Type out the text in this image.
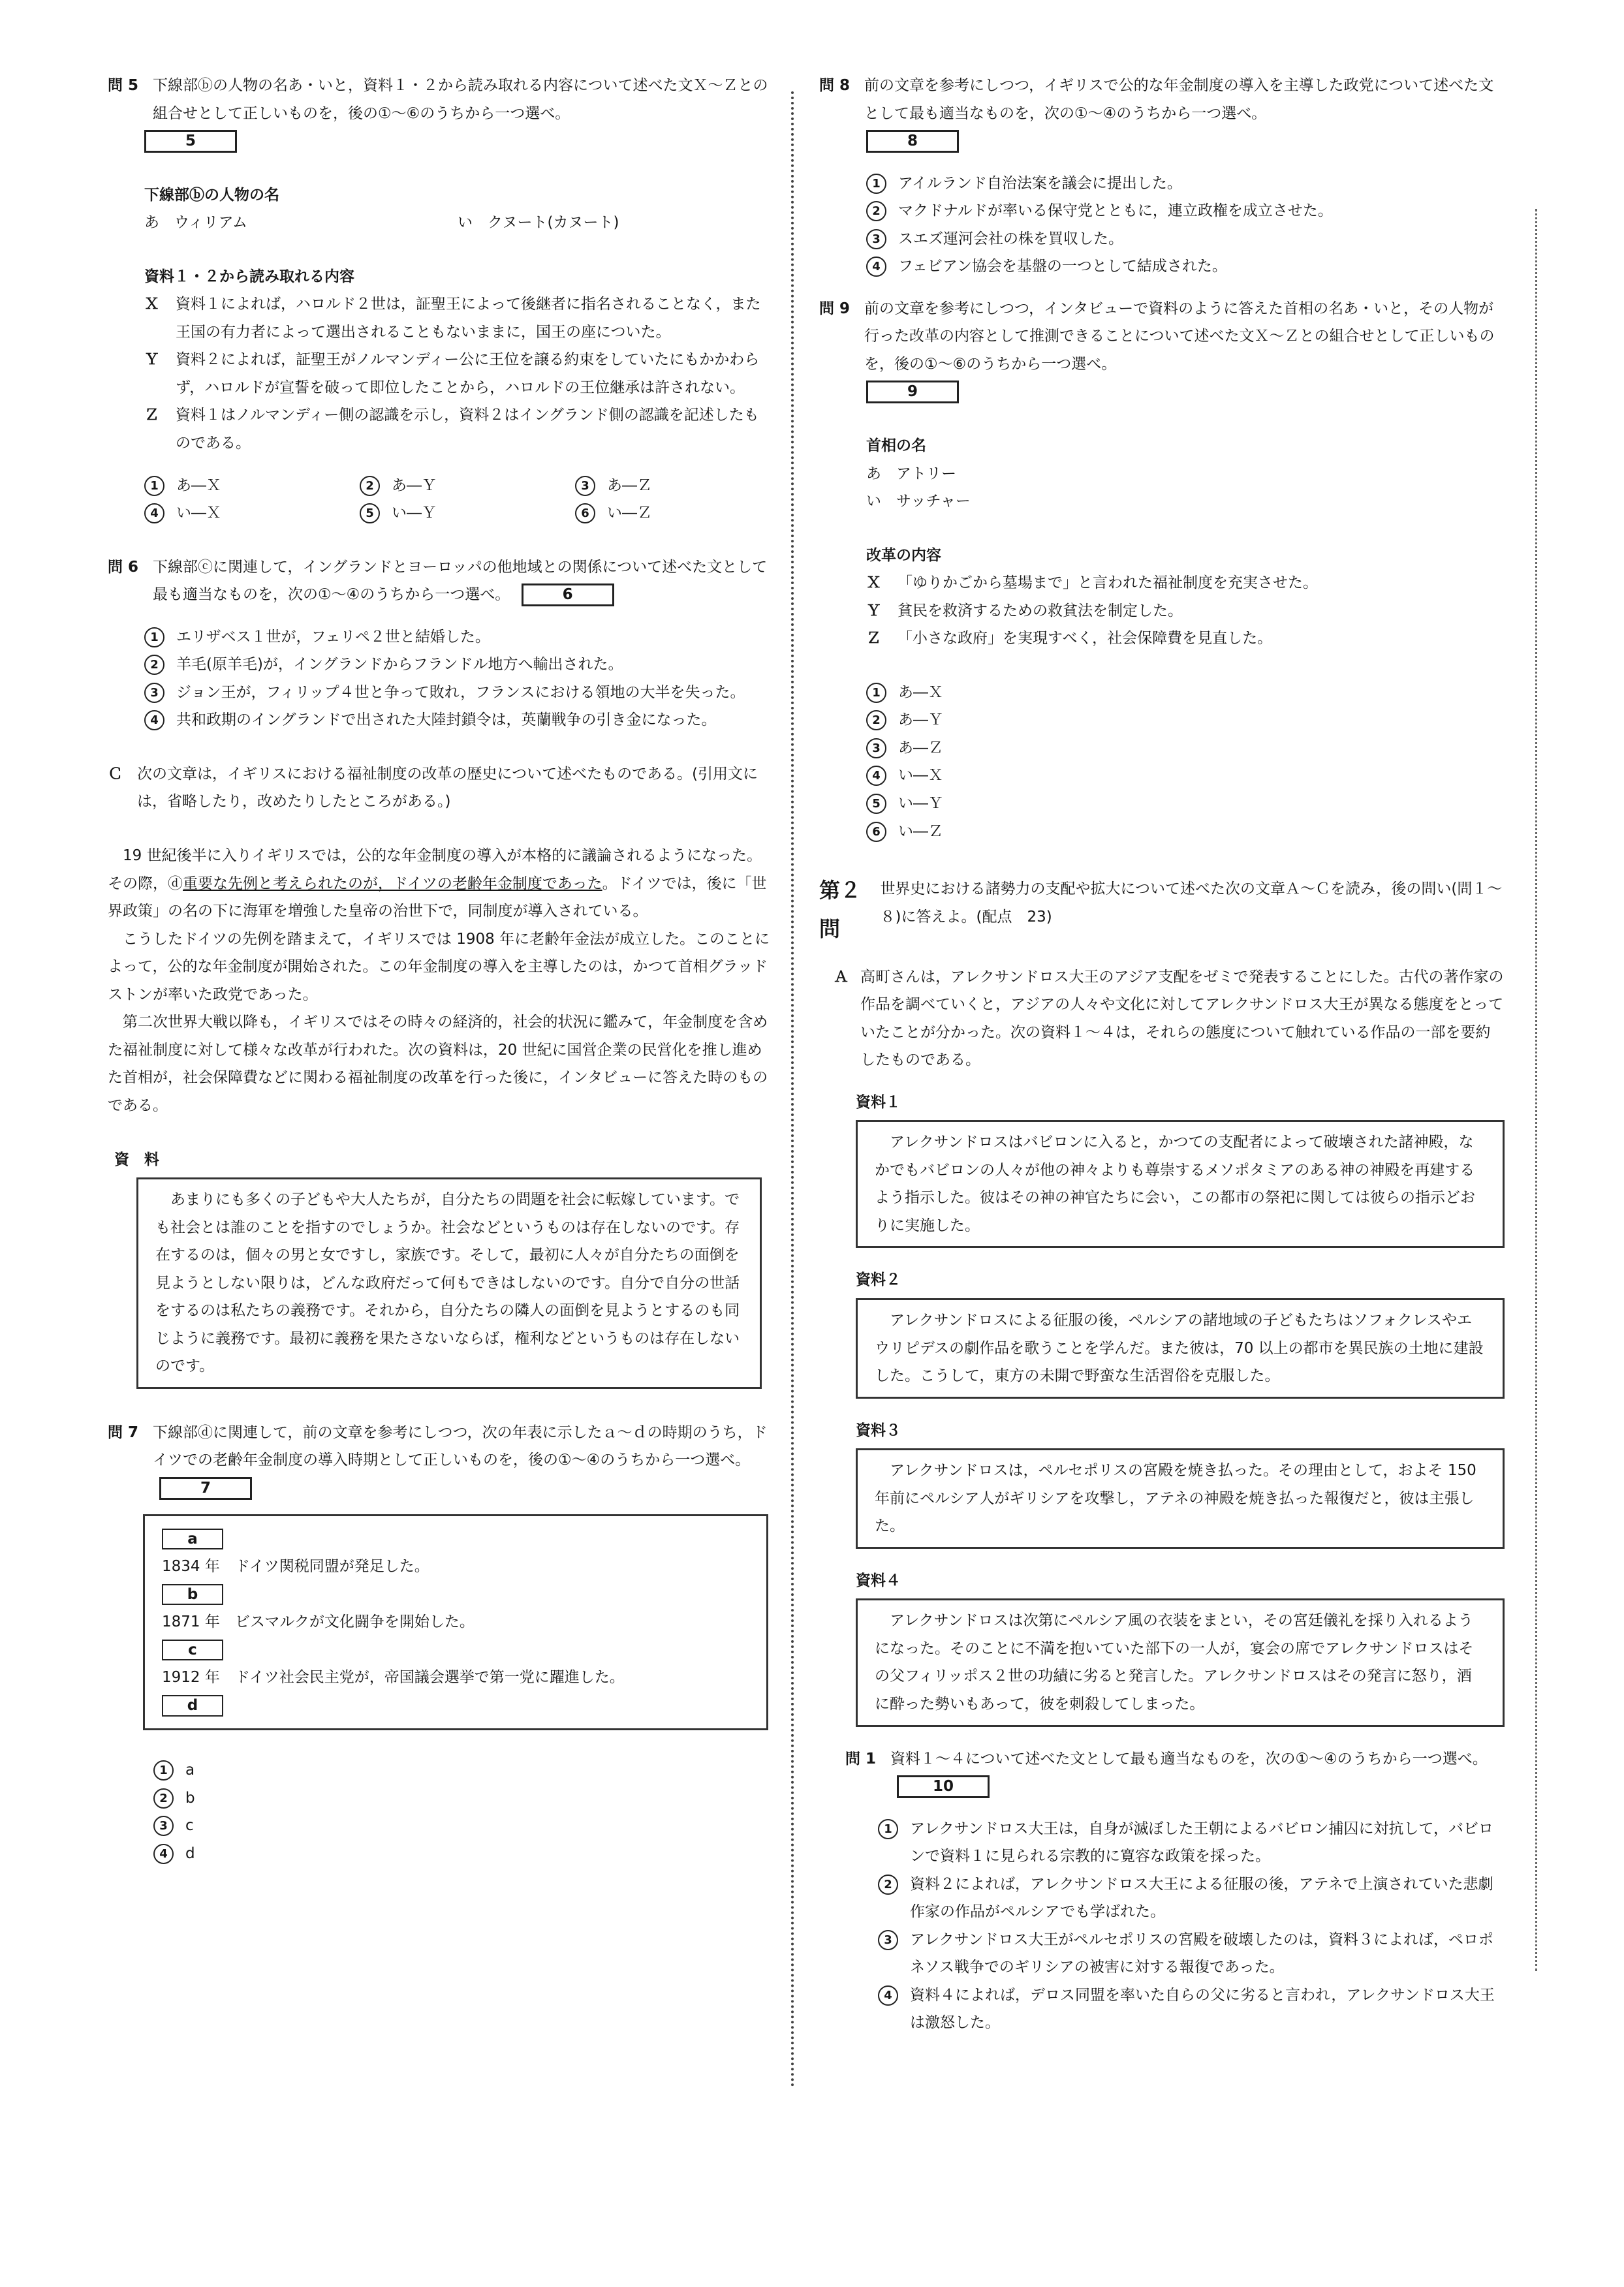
問 5 下線部ⓑの人物の名あ・いと，資料１・２から読み取れる内容について述べた文Ｘ～Ｚとの組合せとして正しいものを，後の①～⑥のうちから一つ選べ。
5

下線部ⓑの人物の名

あ　ウィリアム	い　クヌート(カヌート)

資料１・２から読み取れる内容

Ｘ	資料１によれば，ハロルド２世は，証聖王によって後継者に指名されることなく，また王国の有力者によって選出されることもないままに，国王の座についた。
Ｙ	資料２によれば，証聖王がノルマンディー公に王位を譲る約束をしていたにもかかわらず，ハロルドが宣誓を破って即位したことから，ハロルドの王位継承は許されない。
Ｚ	資料１はノルマンディー側の認識を示し，資料２はイングランド側の認識を記述したものである。
1	あ―Ｘ	2	あ―Ｙ	3	あ―Ｚ
4	い―Ｘ	5	い―Ｙ	6	い―Ｚ
問 6 下線部ⓒに関連して，イングランドとヨーロッパの他地域との関係について述べた文として最も適当なものを，次の①～④のうちから一つ選べ。	6
1	エリザベス１世が，フェリペ２世と結婚した。
2	羊毛(原羊毛)が，イングランドからフランドル地方へ輸出された。
3	ジョン王が，フィリップ４世と争って敗れ，フランスにおける領地の大半を失った。
4	共和政期のイングランドで出された大陸封鎖令は，英蘭戦争の引き金になった。
Ｃ 次の文章は，イギリスにおける福祉制度の改革の歴史について述べたものである。(引用文には，省略したり，改めたりしたところがある。)

19 世紀後半に入りイギリスでは，公的な年金制度の導入が本格的に議論されるようになった。その際，ⓓ重要な先例と考えられたのが，ドイツの老齢年金制度であった。ドイツでは，後に「世界政策」の名の下に海軍を増強した皇帝の治世下で，同制度が導入されている。

こうしたドイツの先例を踏まえて，イギリスでは 1908 年に老齢年金法が成立した。このことによって，公的な年金制度が開始された。この年金制度の導入を主導したのは，かつて首相グラッドストンが率いた政党であった。

第二次世界大戦以降も，イギリスではその時々の経済的，社会的状況に鑑みて，年金制度を含めた福祉制度に対して様々な改革が行われた。次の資料は，20 世紀に国営企業の民営化を推し進めた首相が，社会保障費などに関わる福祉制度の改革を行った後に，インタビューに答えた時のものである。

資　料

あまりにも多くの子どもや大人たちが，自分たちの問題を社会に転嫁しています。でも社会とは誰のことを指すのでしょうか。社会などというものは存在しないのです。存在するのは，個々の男と女ですし，家族です。そして，最初に人々が自分たちの面倒を見ようとしない限りは，どんな政府だって何もできはしないのです。自分で自分の世話をするのは私たちの義務です。それから，自分たちの隣人の面倒を見ようとするのも同じように義務です。最初に義務を果たさないならば，権利などというものは存在しないのです。
問 7 下線部ⓓに関連して，前の文章を参考にしつつ，次の年表に示したａ～ｄの時期のうち，ドイツでの老齢年金制度の導入時期として正しいものを，後の①～④のうちから一つ選べ。 7
a
1834 年　ドイツ関税同盟が発足した。
b
1871 年　ビスマルクが文化闘争を開始した。
c
1912 年　ドイツ社会民主党が，帝国議会選挙で第一党に躍進した。
d
1	a
2	b
3	c
4	d
問 8 前の文章を参考にしつつ，イギリスで公的な年金制度の導入を主導した政党について述べた文として最も適当なものを，次の①～④のうちから一つ選べ。
8
1	アイルランド自治法案を議会に提出した。
2	マクドナルドが率いる保守党とともに，連立政権を成立させた。
3	スエズ運河会社の株を買収した。
4	フェビアン協会を基盤の一つとして結成された。
問 9 前の文章を参考にしつつ，インタビューで資料のように答えた首相の名あ・いと，その人物が行った改革の内容として推測できることについて述べた文Ｘ～Ｚとの組合せとして正しいものを，後の①～⑥のうちから一つ選べ。
9

首相の名

あ　アトリー

い　サッチャー

改革の内容

Ｘ	「ゆりかごから墓場まで」と言われた福祉制度を充実させた。
Ｙ	貧民を救済するための救貧法を制定した。
Ｚ	「小さな政府」を実現すべく，社会保障費を見直した。
1	あ―Ｘ
2	あ―Ｙ
3	あ―Ｚ
4	い―Ｘ
5	い―Ｙ
6	い―Ｚ
第２問
世界史における諸勢力の支配や拡大について述べた次の文章Ａ～Ｃを読み，後の問い(問１～８)に答えよ。(配点　23)
Ａ 高町さんは，アレクサンドロス大王のアジア支配をゼミで発表することにした。古代の著作家の作品を調べていくと，アジアの人々や文化に対してアレクサンドロス大王が異なる態度をとっていたことが分かった。次の資料１～４は，それらの態度について触れている作品の一部を要約したものである。

資料１

アレクサンドロスはバビロンに入ると，かつての支配者によって破壊された諸神殿，なかでもバビロンの人々が他の神々よりも尊崇するメソポタミアのある神の神殿を再建するよう指示した。彼はその神の神官たちに会い，この都市の祭祀に関しては彼らの指示どおりに実施した。

資料２

アレクサンドロスによる征服の後，ペルシアの諸地域の子どもたちはソフォクレスやエウリピデスの劇作品を歌うことを学んだ。また彼は，70 以上の都市を異民族の土地に建設した。こうして，東方の未開で野蛮な生活習俗を克服した。

資料３

アレクサンドロスは，ペルセポリスの宮殿を焼き払った。その理由として，およそ 150 年前にペルシア人がギリシアを攻撃し，アテネの神殿を焼き払った報復だと，彼は主張した。

資料４

アレクサンドロスは次第にペルシア風の衣装をまとい，その宮廷儀礼を採り入れるようになった。そのことに不満を抱いていた部下の一人が，宴会の席でアレクサンドロスはその父フィリッポス２世の功績に劣ると発言した。アレクサンドロスはその発言に怒り，酒に酔った勢いもあって，彼を刺殺してしまった。
問 1 資料１～４について述べた文として最も適当なものを，次の①～④のうちから一つ選べ。 10
1	アレクサンドロス大王は，自身が滅ぼした王朝によるバビロン捕囚に対抗して，バビロンで資料１に見られる宗教的に寛容な政策を採った。
2	資料２によれば，アレクサンドロス大王による征服の後，アテネで上演されていた悲劇作家の作品がペルシアでも学ばれた。
3	アレクサンドロス大王がペルセポリスの宮殿を破壊したのは，資料３によれば，ペロポネソス戦争でのギリシアの被害に対する報復であった。
4	資料４によれば，デロス同盟を率いた自らの父に劣ると言われ，アレクサンドロス大王は激怒した。
